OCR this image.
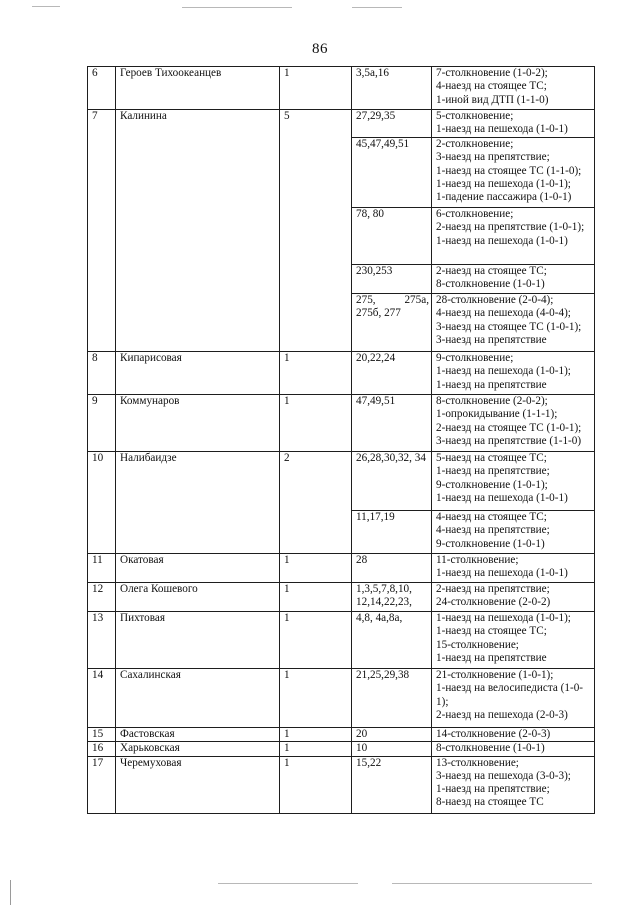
86
6	Героев Тихоокеанцев	1	3,5а,16	7-столкновение (1-0-2);
4-наезд на стоящее ТС;
1-иной вид ДТП (1-1-0)
7	Калинина	5	27,29,35	5-столкновение;
1-наезд на пешехода (1-0-1)
			45,47,49,51	2-столкновение;
3-наезд на препятствие;
1-наезд на стоящее ТС (1-1-0);
1-наезд на пешехода (1-0-1);
1-падение пассажира (1-0-1)
			78, 80	6-столкновение;
2-наезд на препятствие (1-0-1);
1-наезд на пешехода (1-0-1)
			230,253	2-наезд на стоящее ТС;
8-столкновение (1-0-1)
			275, 275а, 275б, 277	28-столкновение (2-0-4);
4-наезд на пешехода (4-0-4);
3-наезд на стоящее ТС (1-0-1);
3-наезд на препятствие
8	Кипарисовая	1	20,22,24	9-столкновение;
1-наезд на пешехода (1-0-1);
1-наезд на препятствие
9	Коммунаров	1	47,49,51	8-столкновение (2-0-2);
1-опрокидывание (1-1-1);
2-наезд на стоящее ТС (1-0-1);
3-наезд на препятствие (1-1-0)
10	Налибаидзе	2	26,28,30,32, 34	5-наезд на стоящее ТС;
1-наезд на препятствие;
9-столкновение (1-0-1);
1-наезд на пешехода (1-0-1)
			11,17,19	4-наезд на стоящее ТС;
4-наезд на препятствие;
9-столкновение (1-0-1)
11	Окатовая	1	28	11-столкновение;
1-наезд на пешехода (1-0-1)
12	Олега Кошевого	1	1,3,5,7,8,10,
12,14,22,23,	2-наезд на препятствие;
24-столкновение (2-0-2)
13	Пихтовая	1	4,8, 4а,8а,	1-наезд на пешехода (1-0-1);
1-наезд на стоящее ТС;
15-столкновение;
1-наезд на препятствие
14	Сахалинская	1	21,25,29,38	21-столкновение (1-0-1);
1-наезд на велосипедиста (1-0-1);
2-наезд на пешехода (2-0-3)
15	Фастовская	1	20	14-столкновение (2-0-3)
16	Харьковская	1	10	8-столкновение (1-0-1)
17	Черемуховая	1	15,22	13-столкновение;
3-наезд на пешехода (3-0-3);
1-наезд на препятствие;
8-наезд на стоящее ТС
